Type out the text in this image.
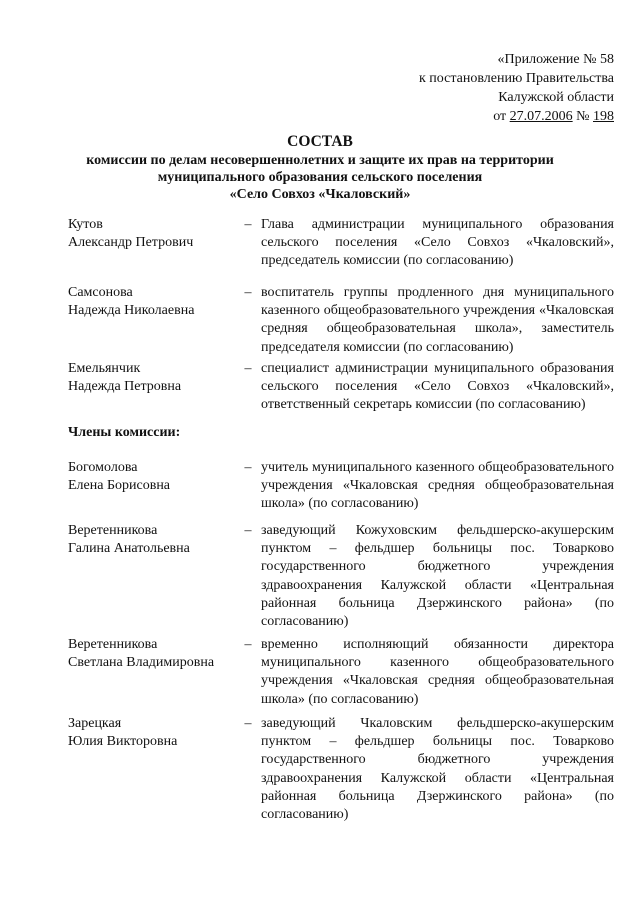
«Приложение № 58
к постановлению Правительства
Калужской области
от 27.07.2006 № 198
СОСТАВ
комиссии по делам несовершеннолетних и защите их прав на территории
муниципального образования сельского поселения
«Село Совхоз «Чкаловский»
Кутов
Александр Петрович
– Глава администрации муниципального образования сельского поселения «Село Совхоз «Чкаловский», председатель комиссии (по согласованию)
Самсонова
Надежда Николаевна
– воспитатель группы продленного дня муниципального казенного общеобразовательного учреждения «Чкаловская средняя общеобразовательная школа», заместитель председателя комиссии (по согласованию)
Емельянчик
Надежда Петровна
– специалист администрации муниципального образования сельского поселения «Село Совхоз «Чкаловский», ответственный секретарь комиссии (по согласованию)
Члены комиссии:
Богомолова
Елена Борисовна
– учитель муниципального казенного общеобразовательного учреждения «Чкаловская средняя общеобразовательная школа» (по согласованию)
Веретенникова
Галина Анатольевна
– заведующий Кожуховским фельдшерско-акушерским пунктом – фельдшер больницы пос. Товарково государственного бюджетного учреждения здравоохранения Калужской области «Центральная районная больница Дзержинского района» (по согласованию)
Веретенникова
Светлана Владимировна
– временно исполняющий обязанности директора муниципального казенного общеобразовательного учреждения «Чкаловская средняя общеобразовательная школа» (по согласованию)
Зарецкая
Юлия Викторовна
– заведующий Чкаловским фельдшерско-акушерским пунктом – фельдшер больницы пос. Товарково государственного бюджетного учреждения здравоохранения Калужской области «Центральная районная больница Дзержинского района» (по согласованию)
